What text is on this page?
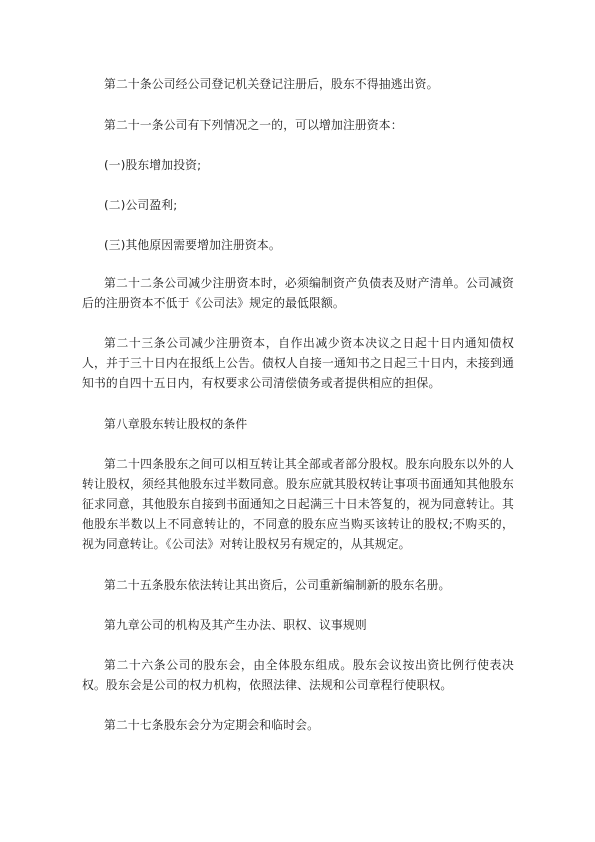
第二十条公司经公司登记机关登记注册后，股东不得抽逃出资。

第二十一条公司有下列情况之一的，可以增加注册资本：

(一)股东增加投资;

(二)公司盈利;

(三)其他原因需要增加注册资本。

第二十二条公司减少注册资本时，必须编制资产负债表及财产清单。公司减资后的注册资本不低于《公司法》规定的最低限额。

第二十三条公司减少注册资本，自作出减少资本决议之日起十日内通知债权人，并于三十日内在报纸上公告。债权人自接一通知书之日起三十日内，未接到通知书的自四十五日内，有权要求公司清偿债务或者提供相应的担保。

第八章股东转让股权的条件

第二十四条股东之间可以相互转让其全部或者部分股权。股东向股东以外的人转让股权，须经其他股东过半数同意。股东应就其股权转让事项书面通知其他股东征求同意，其他股东自接到书面通知之日起满三十日未答复的，视为同意转让。其他股东半数以上不同意转让的，不同意的股东应当购买该转让的股权;不购买的，视为同意转让。《公司法》对转让股权另有规定的，从其规定。

第二十五条股东依法转让其出资后，公司重新编制新的股东名册。

第九章公司的机构及其产生办法、职权、议事规则

第二十六条公司的股东会，由全体股东组成。股东会议按出资比例行使表决权。股东会是公司的权力机构，依照法律、法规和公司章程行使职权。

第二十七条股东会分为定期会和临时会。
